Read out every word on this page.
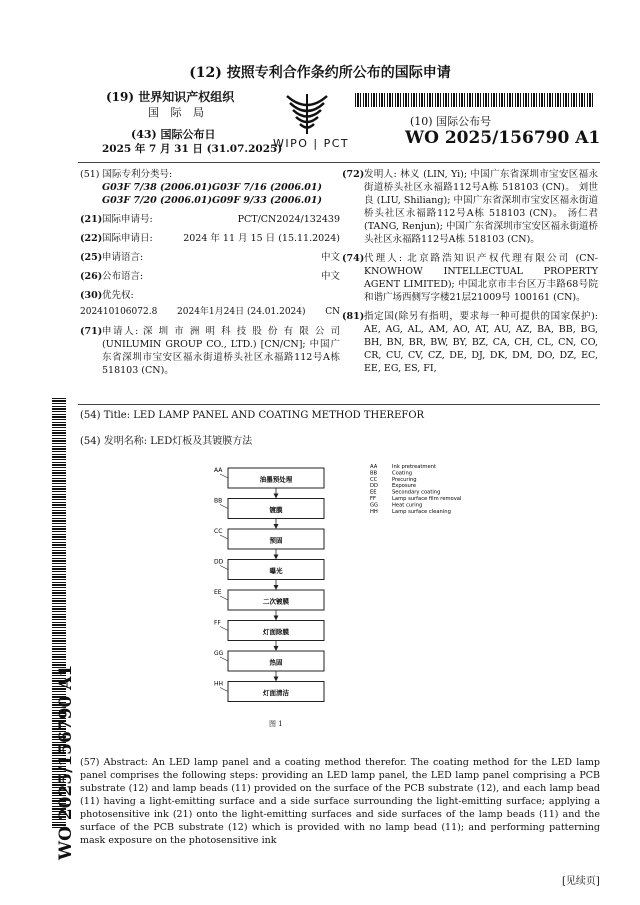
(12) 按照专利合作条约所公布的国际申请
(19) 世界知识产权组织
国 际 局
(43) 国际公布日
2025 年 7 月 31 日 (31.07.2025)
WIPO | PCT
(10) 国际公布号
WO 2025/156790 A1
(51) 国际专利分类号:
G03F 7/38 (2006.01) G03F 7/16 (2006.01)
G03F 7/20 (2006.01) G09F 9/33 (2006.01)
(21) 国际申请号:	PCT/CN2024/132439
(22) 国际申请日:	2024 年 11 月 15 日 (15.11.2024)
(25) 申请语言:	中文
(26) 公布语言:	中文
(30) 优先权:
202410106072.8 2024年1月24日 (24.01.2024) CN
(71) 申请人: 深 圳 市 洲 明 科 技 股 份 有 限 公 司 (UNILUMIN GROUP CO., LTD.) [CN/CN]; 中国广东省深圳市宝安区福永街道桥头社区永福路112号A栋 518103 (CN)。
(72) 发明人: 林义 (LIN, Yi); 中国广东省深圳市宝安区福永街道桥头社区永福路112号A栋 518103 (CN)。 刘世良 (LIU, Shiliang); 中国广东省深圳市宝安区福永街道桥头社区永福路112号A栋 518103 (CN)。 汤仁君 (TANG, Renjun); 中国广东省深圳市宝安区福永街道桥头社区永福路112号A栋 518103 (CN)。
(74) 代理人: 北京路浩知识产权代理有限公司 (CN-KNOWHOW INTELLECTUAL PROPERTY AGENT LIMITED); 中国北京市丰台区万丰路68号院和谐广场西侧写字楼21层21009号 100161 (CN)。
(81) 指定国(除另有指明，要求每一种可提供的国家保护): AE, AG, AL, AM, AO, AT, AU, AZ, BA, BB, BG, BH, BN, BR, BW, BY, BZ, CA, CH, CL, CN, CO, CR, CU, CV, CZ, DE, DJ, DK, DM, DO, DZ, EC, EE, EG, ES, FI,
WO 2025/156790 A1
(54) Title: LED LAMP PANEL AND COATING METHOD THEREFOR
(54) 发明名称: LED灯板及其镀膜方法
油墨预处理
AA
镀膜
BB
预固
CC
曝光
DD
二次镀膜
EE
灯面除膜
FF
热固
GG
灯面清洁
HH
AA	Ink pretreatment
BB	Coating
CC	Precuring
DD	Exposure
EE	Secondary coating
FF	Lamp surface film removal
GG	Heat curing
HH	Lamp surface cleaning
图 1
(57) Abstract: An LED lamp panel and a coating method therefor. The coating method for the LED lamp panel comprises the following steps: providing an LED lamp panel, the LED lamp panel comprising a PCB substrate (12) and lamp beads (11) provided on the surface of the PCB substrate (12), and each lamp bead (11) having a light-emitting surface and a side surface surrounding the light-emitting surface; applying a photosensitive ink (21) onto the light-emitting surfaces and side surfaces of the lamp beads (11) and the surface of the PCB substrate (12) which is provided with no lamp bead (11); and performing patterning mask exposure on the photosensitive ink
[见续页]
